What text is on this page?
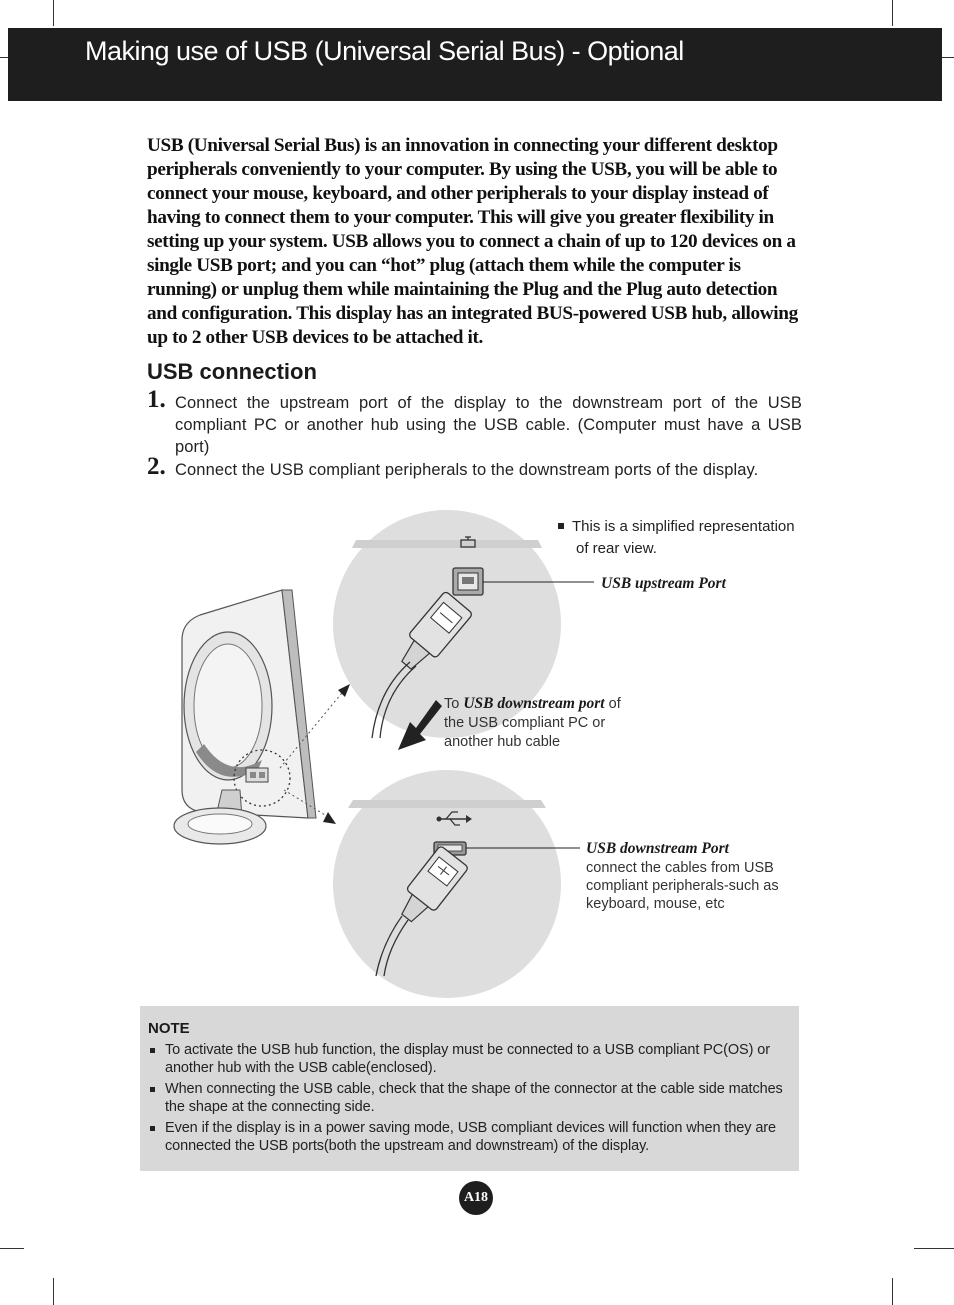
Making use of USB (Universal Serial Bus) - Optional
USB (Universal Serial Bus) is an innovation in connecting your different desktop peripherals conveniently to your computer. By using the USB, you will be able to connect your mouse, keyboard, and other peripherals to your display instead of having to connect them to your computer. This will give you greater flexibility in setting up your system. USB allows you to connect a chain of up to 120 devices on a single USB port; and you can “hot” plug (attach them while the computer is running) or unplug them while maintaining the Plug and the Plug auto detection and configuration. This display has an integrated BUS-powered USB hub, allowing up to 2 other USB devices to be attached it.
USB connection
1. Connect the upstream port of the display to the downstream port of the USB compliant PC or another hub using the USB cable. (Computer must have a USB port)
2. Connect the USB compliant peripherals to the downstream ports of the display.
This is a simplified representation
of rear view.
USB upstream Port
To USB downstream port of
the USB compliant PC or
another hub cable
USB downstream Port
connect the cables from USB
compliant peripherals-such as
keyboard, mouse, etc
NOTE
To activate the USB hub function, the display must be connected to a USB compliant PC(OS) or another hub with the USB cable(enclosed).
When connecting the USB cable, check that the shape of the connector at the cable side matches the shape at the connecting side.
Even if the display is in a power saving mode, USB compliant devices will function when they are connected the USB ports(both the upstream and downstream) of the display.
A18
